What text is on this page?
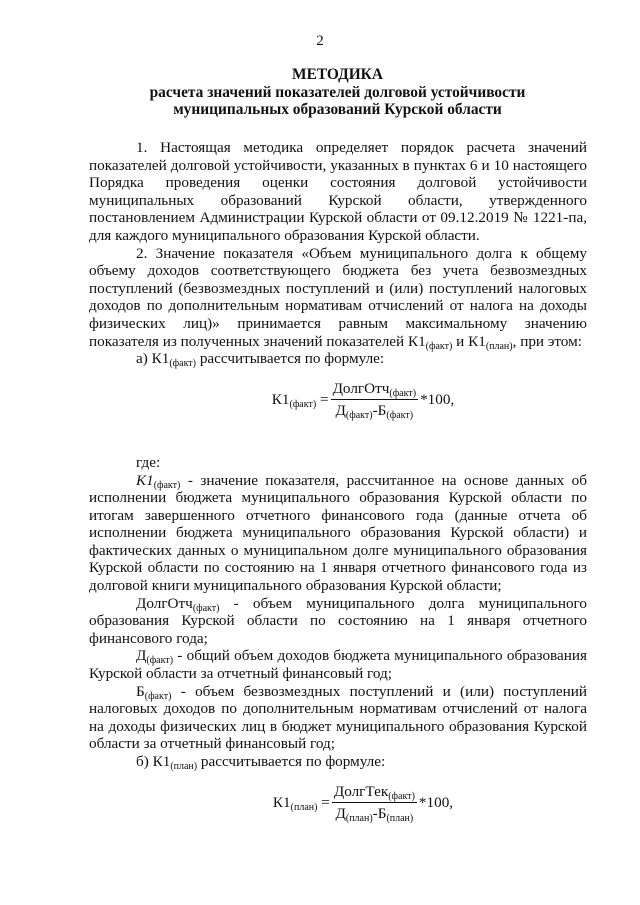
2
МЕТОДИКА
расчета значений показателей долговой устойчивости
муниципальных образований Курской области

1. Настоящая методика определяет порядок расчета значений показателей долговой устойчивости, указанных в пунктах 6 и 10 настоящего Порядка проведения оценки состояния долговой устойчивости муниципальных образований Курской области, утвержденного постановлением Администрации Курской области от 09.12.2019 № 1221-па, для каждого муниципального образования Курской области.

2. Значение показателя «Объем муниципального долга к общему объему доходов соответствующего бюджета без учета безвозмездных поступлений (безвозмездных поступлений и (или) поступлений налоговых доходов по дополнительным нормативам отчислений от налога на доходы физических лиц)» принимается равным максимальному значению показателя из полученных значений показателей $К1_{(факт)}$ и $К1_{(план)}$, при этом:

а) $К1_{(факт)}$ рассчитывается по формуле:

$К1_{(факт)} = \frac{ДолгОтч_{(факт)}}{Д_{(факт)}-Б_{(факт)}} *100$,

где:

$К1_{(факт)}$ - значение показателя, рассчитанное на основе данных об исполнении бюджета муниципального образования Курской области по итогам завершенного отчетного финансового года (данные отчета об исполнении бюджета муниципального образования Курской области) и фактических данных о муниципальном долге муниципального образования Курской области по состоянию на 1 января отчетного финансового года из долговой книги муниципального образования Курской области;

ДолгОтч$_{(факт)}$ - объем муниципального долга муниципального образования Курской области по состоянию на 1 января отчетного финансового года;

$Д_{(факт)}$ - общий объем доходов бюджета муниципального образования Курской области за отчетный финансовый год;

$Б_{(факт)}$ - объем безвозмездных поступлений и (или) поступлений налоговых доходов по дополнительным нормативам отчислений от налога на доходы физических лиц в бюджет муниципального образования Курской области за отчетный финансовый год;

б) $К1_{(план)}$ рассчитывается по формуле:

$К1_{(план)} = \frac{ДолгТек_{(факт)}}{Д_{(план)}-Б_{(план)}} *100$,
